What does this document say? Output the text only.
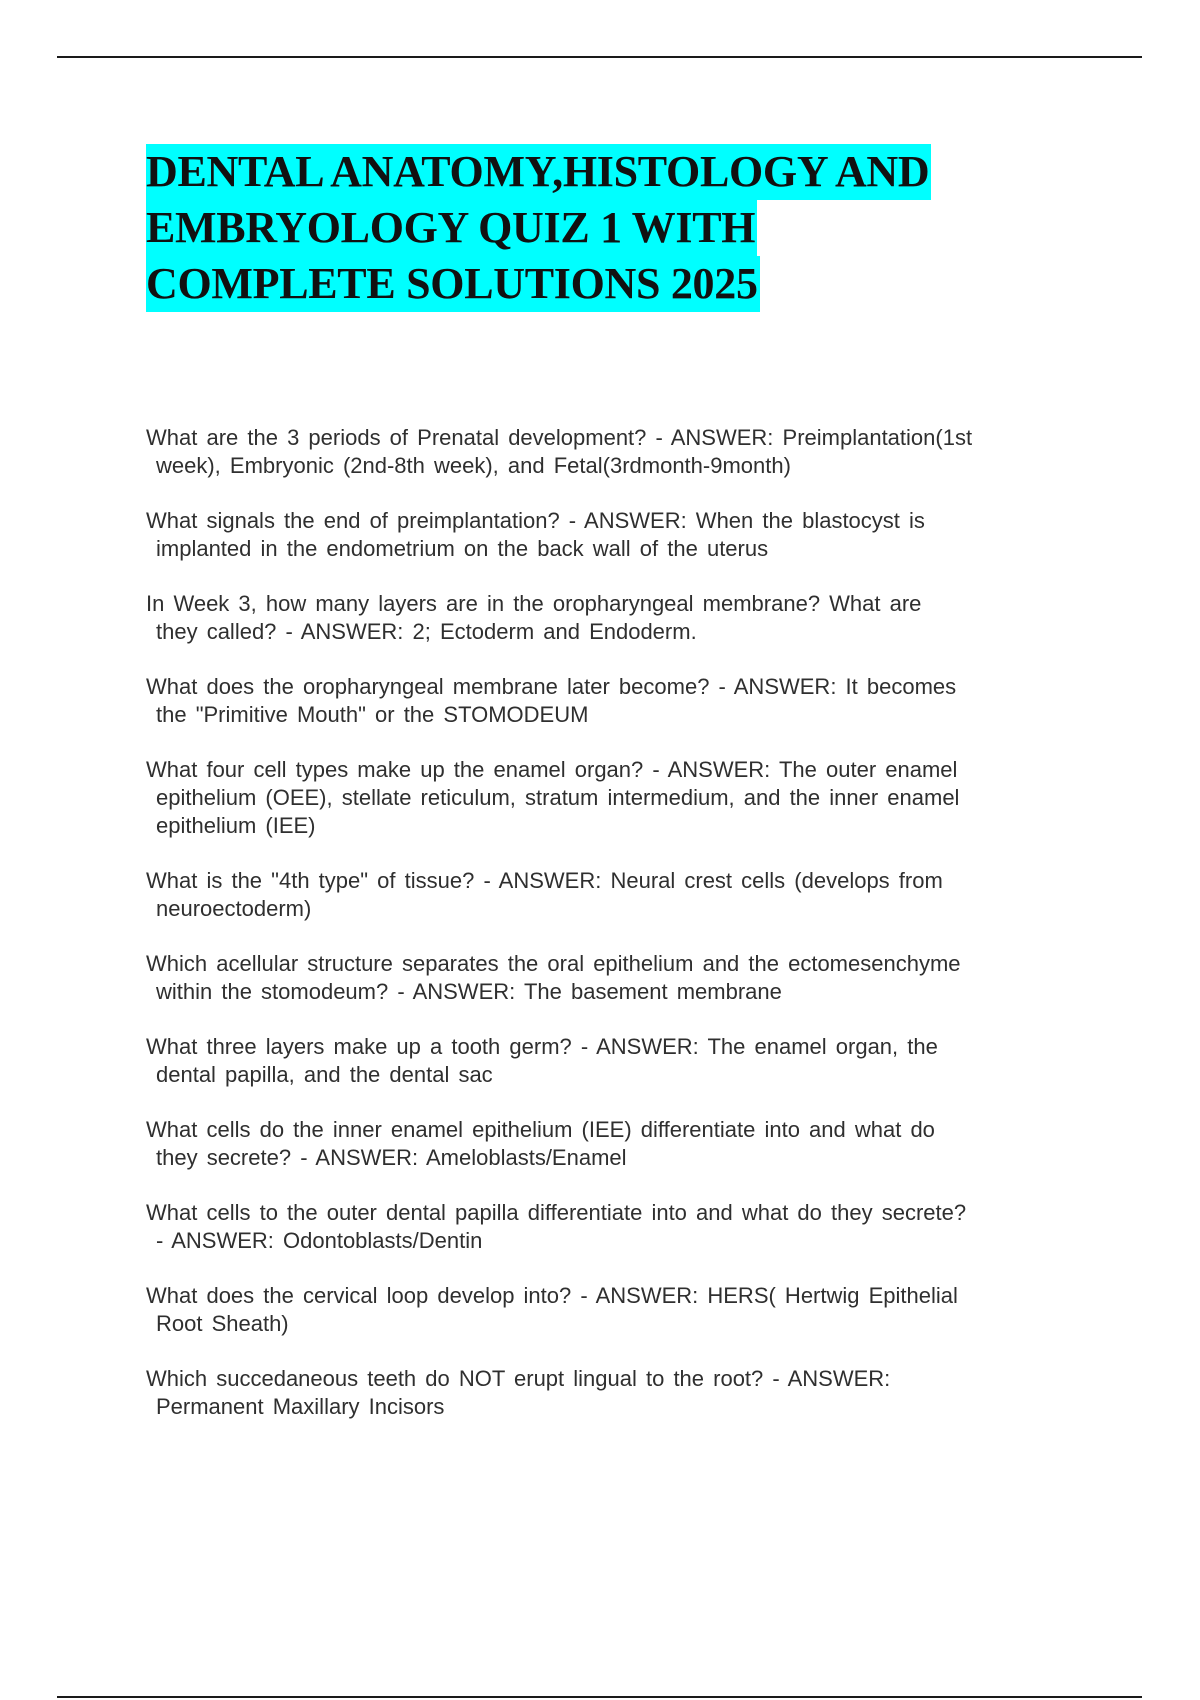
DENTAL ANATOMY,HISTOLOGY AND
EMBRYOLOGY QUIZ 1 WITH
COMPLETE SOLUTIONS 2025
What are the 3 periods of Prenatal development? - ANSWER: Preimplantation(1st
week), Embryonic (2nd-8th week), and Fetal(3rdmonth-9month)
What signals the end of preimplantation? - ANSWER: When the blastocyst is
implanted in the endometrium on the back wall of the uterus
In Week 3, how many layers are in the oropharyngeal membrane? What are
they called? - ANSWER: 2; Ectoderm and Endoderm.
What does the oropharyngeal membrane later become? - ANSWER: It becomes
the "Primitive Mouth" or the STOMODEUM
What four cell types make up the enamel organ? - ANSWER: The outer enamel
epithelium (OEE), stellate reticulum, stratum intermedium, and the inner enamel
epithelium (IEE)
What is the "4th type" of tissue? - ANSWER: Neural crest cells (develops from
neuroectoderm)
Which acellular structure separates the oral epithelium and the ectomesenchyme
within the stomodeum? - ANSWER: The basement membrane
What three layers make up a tooth germ? - ANSWER: The enamel organ, the
dental papilla, and the dental sac
What cells do the inner enamel epithelium (IEE) differentiate into and what do
they secrete? - ANSWER: Ameloblasts/Enamel
What cells to the outer dental papilla differentiate into and what do they secrete?
- ANSWER: Odontoblasts/Dentin
What does the cervical loop develop into? - ANSWER: HERS( Hertwig Epithelial
Root Sheath)
Which succedaneous teeth do NOT erupt lingual to the root? - ANSWER:
Permanent Maxillary Incisors
